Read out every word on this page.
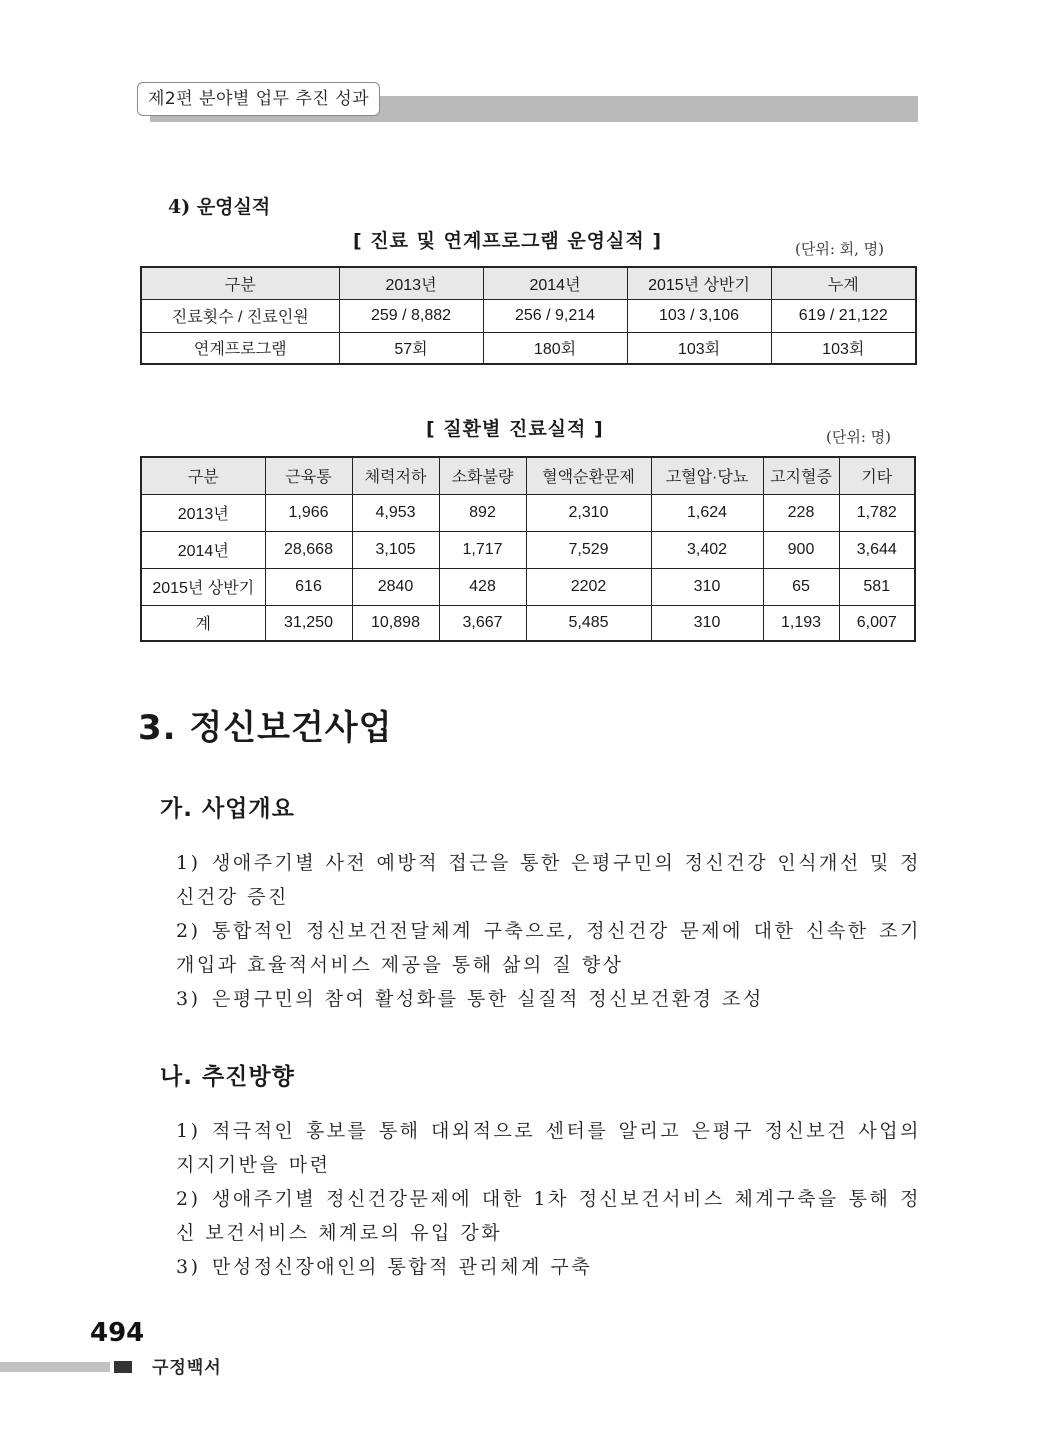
제2편 분야별 업무 추진 성과
4) 운영실적
[ 진료 및 연계프로그램 운영실적 ]	(단위: 회, 명)
구분	2013년	2014년	2015년 상반기	누계
진료횟수 / 진료인원	259 / 8,882	256 / 9,214	103 / 3,106	619 / 21,122
연계프로그램	57회	180회	103회	103회
[ 질환별 진료실적 ]	(단위: 명)
구분	근육통	체력저하	소화불량	혈액순환문제	고혈압·당뇨	고지혈증	기타
2013년	1,966	4,953	892	2,310	1,624	228	1,782
2014년	28,668	3,105	1,717	7,529	3,402	900	3,644
2015년 상반기	616	2840	428	2202	310	65	581
계	31,250	10,898	3,667	5,485	310	1,193	6,007
3. 정신보건사업
가. 사업개요
1) 생애주기별 사전 예방적 접근을 통한 은평구민의 정신건강 인식개선 및 정신건강 증진
2) 통합적인 정신보건전달체계 구축으로, 정신건강 문제에 대한 신속한 조기 개입과 효율적서비스 제공을 통해 삶의 질 향상
3) 은평구민의 참여 활성화를 통한 실질적 정신보건환경 조성
나. 추진방향
1) 적극적인 홍보를 통해 대외적으로 센터를 알리고 은평구 정신보건 사업의 지지기반을 마련
2) 생애주기별 정신건강문제에 대한 1차 정신보건서비스 체계구축을 통해 정신 보건서비스 체계로의 유입 강화
3) 만성정신장애인의 통합적 관리체계 구축
494
구정백서
